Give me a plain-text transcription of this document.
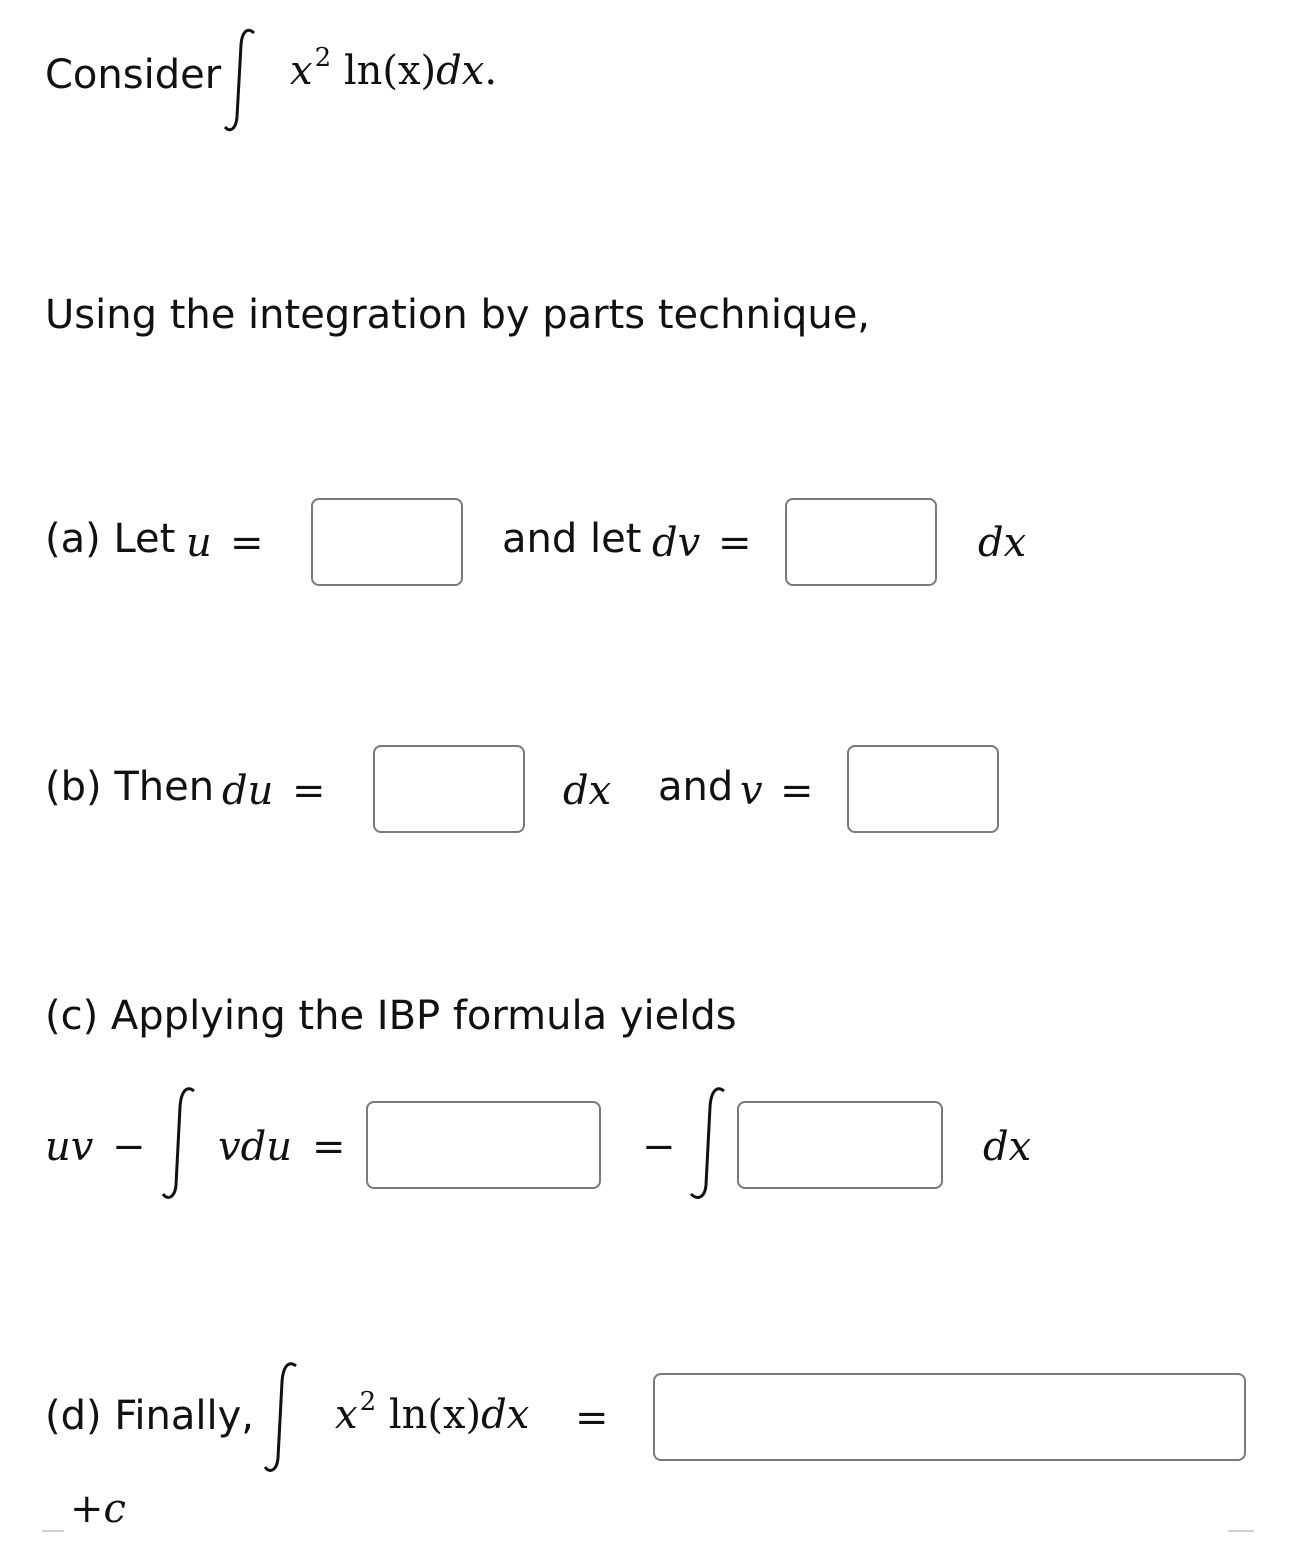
Consider $x^2$ ln(x)dx.
Using the integration by parts technique,
(a) Let u =	and let dv =	dx
(b) Then du =	dx and v =
(c) Applying the IBP formula yields
uv − vdu =	−	dx
(d) Finally, $x^2$ ln(x)dx =
+c
